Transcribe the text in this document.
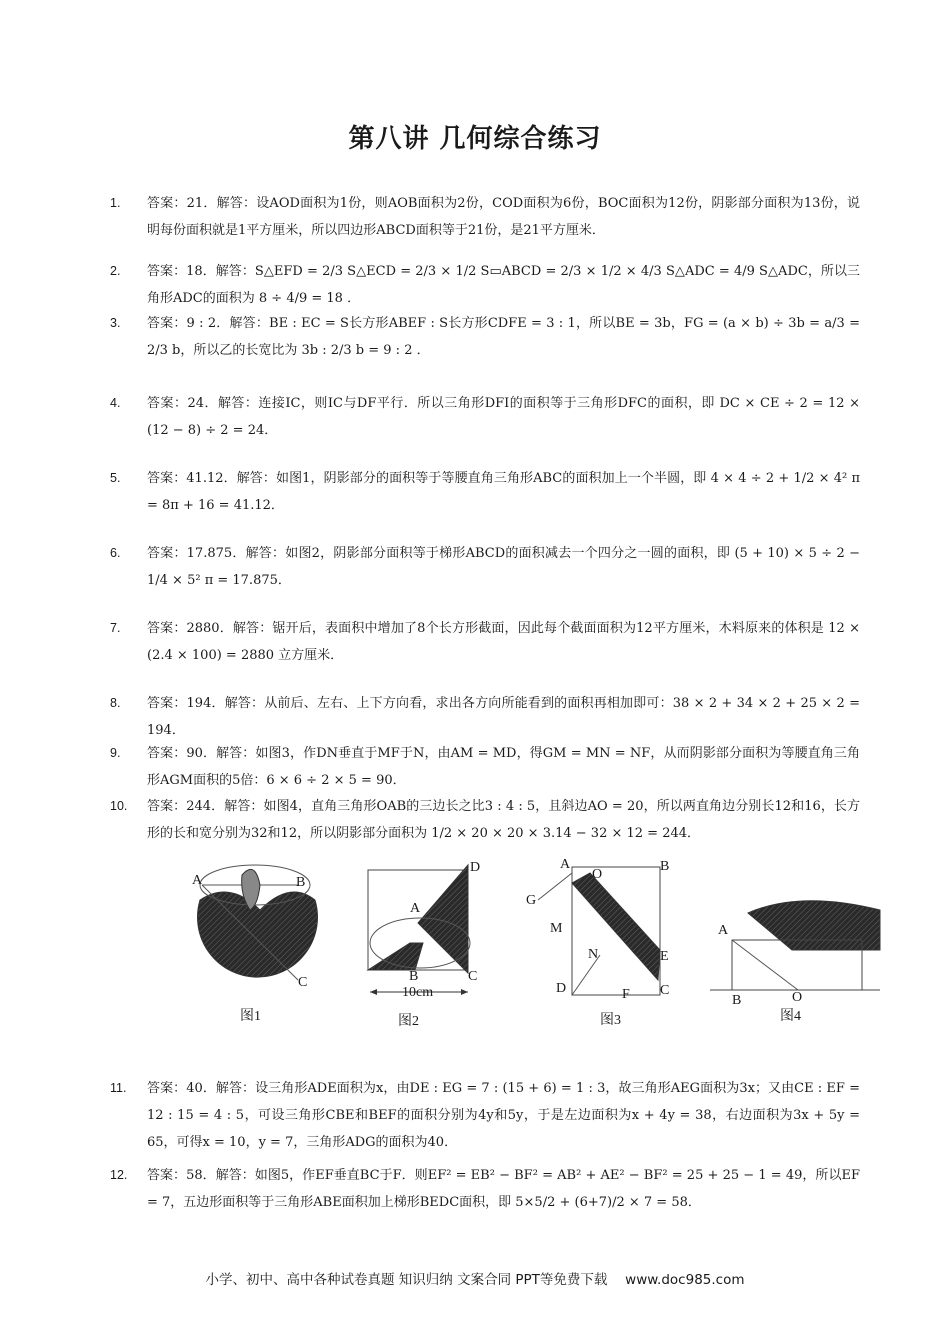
第八讲 几何综合练习
1.	答案：21．解答：设AOD面积为1份，则AOB面积为2份，COD面积为6份，BOC面积为12份，阴影部分面积为13份，说明每份面积就是1平方厘米，所以四边形ABCD面积等于21份，是21平方厘米．
2.	答案：18．解答：S△EFD = 2/3 S△ECD = 2/3 × 1/2 S▭ABCD = 2/3 × 1/2 × 4/3 S△ADC = 4/9 S△ADC，所以三角形ADC的面积为 8 ÷ 4/9 = 18 ．
3.	答案：9 : 2．解答：BE : EC = S长方形ABEF : S长方形CDFE = 3 : 1，所以BE = 3b，FG = (a × b) ÷ 3b = a/3 = 2/3 b，所以乙的长宽比为 3b : 2/3 b = 9 : 2 ．
4.	答案：24．解答：连接IC，则IC与DF平行．所以三角形DFI的面积等于三角形DFC的面积，即 DC × CE ÷ 2 = 12 × (12 − 8) ÷ 2 = 24．
5.	答案：41.12．解答：如图1，阴影部分的面积等于等腰直角三角形ABC的面积加上一个半圆，即 4 × 4 ÷ 2 + 1/2 × 4² π = 8π + 16 = 41.12．
6.	答案：17.875．解答：如图2，阴影部分面积等于梯形ABCD的面积减去一个四分之一圆的面积，即 (5 + 10) × 5 ÷ 2 − 1/4 × 5² π = 17.875．
7.	答案：2880．解答：锯开后，表面积中增加了8个长方形截面，因此每个截面面积为12平方厘米，木料原来的体积是 12 × (2.4 × 100) = 2880 立方厘米．
8.	答案：194．解答：从前后、左右、上下方向看，求出各方向所能看到的面积再相加即可：38 × 2 + 34 × 2 + 25 × 2 = 194．
9.	答案：90．解答：如图3，作DN垂直于MF于N，由AM = MD，得GM = MN = NF，从而阴影部分面积为等腰直角三角形AGM面积的5倍：6 × 6 ÷ 2 × 5 = 90．
10.	答案：244．解答：如图4，直角三角形OAB的三边长之比3 : 4 : 5，且斜边AO = 20，所以两直角边分别长12和16，长方形的长和宽分别为32和12，所以阴影部分面积为 1/2 × 20 × 20 × 3.14 − 32 × 12 = 244．
A	B
C
图1
D
A
B	C
10cm
图2
A	B
G
M
N
O
E
D	F C
图3
A
B	O
图4
11.	答案：40．解答：设三角形ADE面积为x，由DE : EG = 7 : (15 + 6) = 1 : 3，故三角形AEG面积为3x；又由CE : EF = 12 : 15 = 4 : 5，可设三角形CBE和BEF的面积分别为4y和5y，于是左边面积为x + 4y = 38，右边面积为3x + 5y = 65，可得x = 10，y = 7，三角形ADG的面积为40．
12.	答案：58．解答：如图5，作EF垂直BC于F．则EF² = EB² − BF² = AB² + AE² − BF² = 25 + 25 − 1 = 49，所以EF = 7，五边形面积等于三角形ABE面积加上梯形BEDC面积，即 5×5/2 + (6+7)/2 × 7 = 58．
小学、初中、高中各种试卷真题 知识归纳 文案合同 PPT等免费下载　 www.doc985.com
